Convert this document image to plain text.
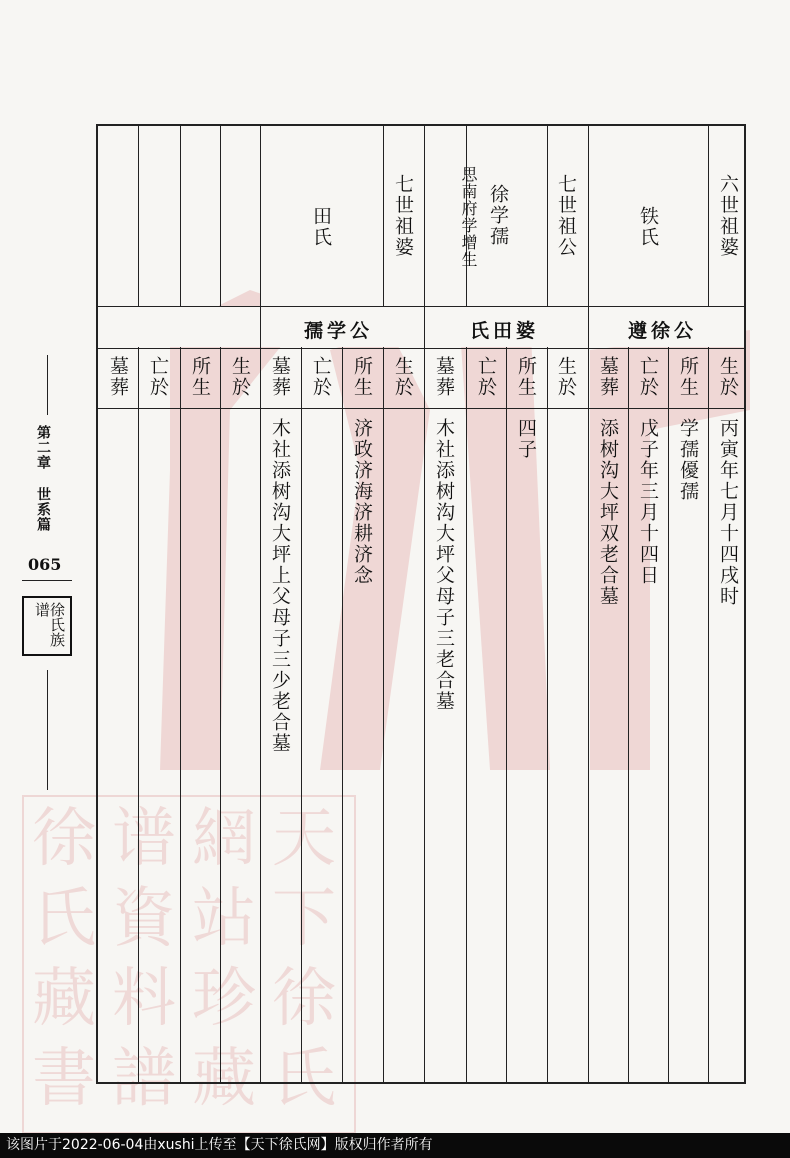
徐 谱 網 天
氏 資 站 下
藏 料 珍 徐
書 譜 藏 氏
第二章 世系篇
065
徐氏族谱
六世祖婆
铁氏
七世祖公
徐学孺
思南府学增生
七世祖婆
田氏
遵徐公
氏田婆
孺学公
生於
所生
亡於
墓葬
生於
所生
亡於
墓葬
生於
所生
亡於
墓葬
生於
所生
亡於
墓葬
丙寅年七月十四戌时
学孺優孺
戊子年三月十四日
添树沟大坪双老合墓
四子
木社添树沟大坪父母子三老合墓
济政济海济耕济念
木社添树沟大坪上父母子三少老合墓
该图片于2022-06-04由xushi上传至【天下徐氏网】版权归作者所有
